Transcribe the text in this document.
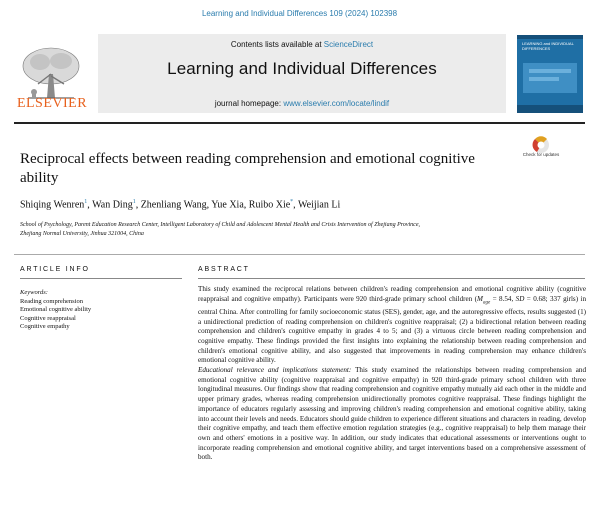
Learning and Individual Differences 109 (2024) 102398
ELSEVIER
Contents lists available at ScienceDirect
Learning and Individual Differences
journal homepage: www.elsevier.com/locate/lindif
LEARNING and INDIVIDUAL DIFFERENCES
Reciprocal effects between reading comprehension and emotional cognitive ability
Check for updates
Shiqing Wenren$^1$, Wan Ding$^1$, Zhenliang Wang, Yue Xia, Ruibo Xie*, Weijian Li
School of Psychology, Parent Education Research Center, Intelligent Laboratory of Child and Adolescent Mental Health and Crisis Intervention of Zhejiang Province,
Zhejiang Normal University, Jinhua 321004, China
ARTICLE INFO	ABSTRACT
Keywords:
Reading comprehension
Emotional cognitive ability
Cognitive reappraisal
Cognitive empathy

This study examined the reciprocal relations between children's reading comprehension and emotional cognitive ability (cognitive reappraisal and cognitive empathy). Participants were 920 third-grade primary school children ($M_{age} = 8.54$, SD = 0.68; 337 girls) in central China. After controlling for family socioeconomic status (SES), gender, age, and the autoregressive effects, results suggested (1) a unidirectional prediction of reading comprehension on children's cognitive reappraisal; (2) a bidirectional relation between reading comprehension and children's cognitive empathy in grades 4 to 5; and (3) a virtuous circle between reading comprehension and cognitive empathy. These findings provided the first insights into explaining the relationship between reading comprehension and children's emotional cognitive ability, and also suggested that improvements in reading comprehension may enhance children's emotional cognitive ability.

Educational relevance and implications statement: This study examined the relationships between reading comprehension and emotional cognitive ability (cognitive reappraisal and cognitive empathy) in 920 third-grade primary school children with three longitudinal measures. Our findings show that reading comprehension and cognitive empathy mutually aid each other in the middle and upper primary grades, whereas reading comprehension unidirectionally promotes cognitive reappraisal. These findings highlight the importance of educators regularly assessing and improving children's reading comprehension and emotional cognitive ability, taking into account their levels and needs. Educators should guide children to experience different situations and characters in reading, develop their cognitive empathy, and teach them effective emotion regulation strategies (e.g., cognitive reappraisal) to help them manage their own and others' emotions in a positive way. In addition, our study indicates that educational assessments or interventions ought to incorporate reading comprehension and emotional cognitive ability, and target interventions based on a comprehensive assessment of both.
